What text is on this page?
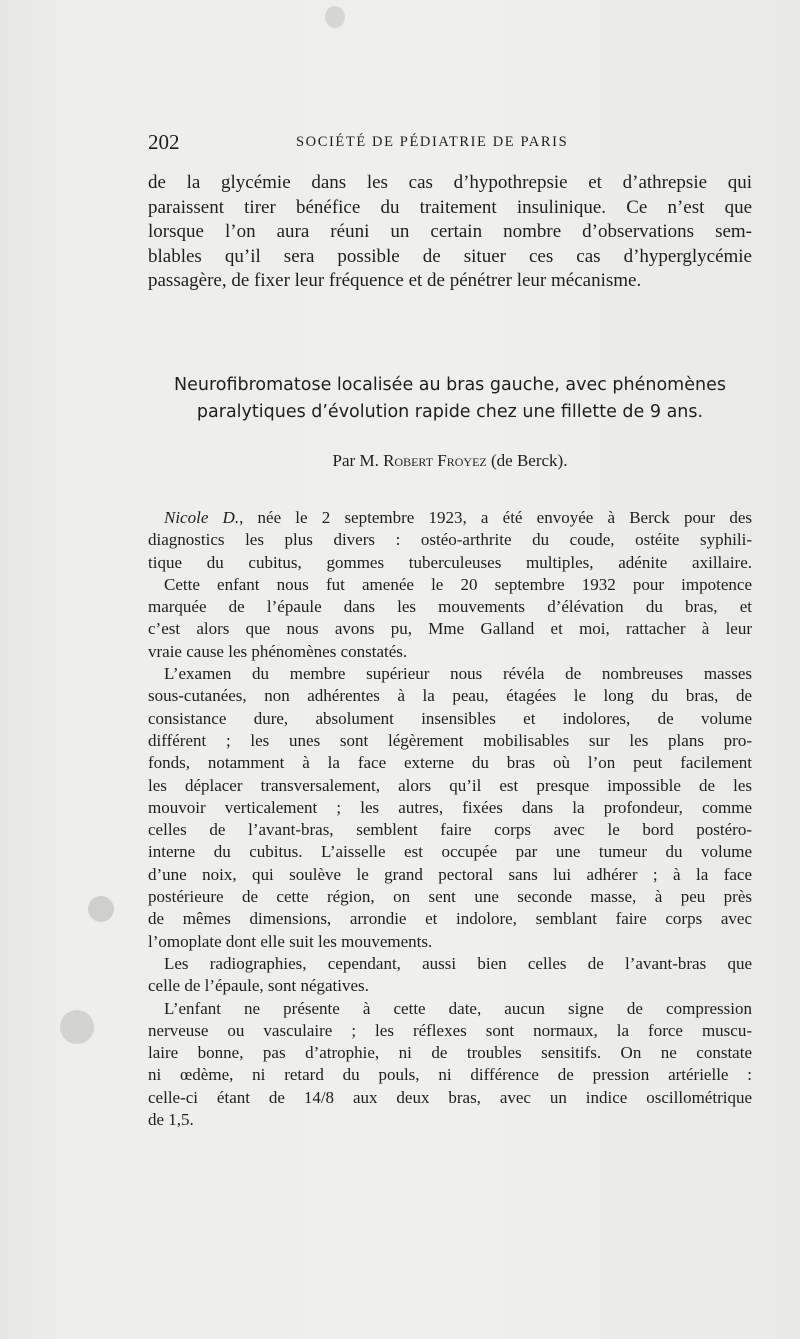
202	SOCIÉTÉ DE PÉDIATRIE DE PARIS
de la glycémie dans les cas d’hypothrepsie et d’athrepsie qui
paraissent tirer bénéfice du traitement insulinique. Ce n’est que
lorsque l’on aura réuni un certain nombre d’observations sem-
blables qu’il sera possible de situer ces cas d’hyperglycémie
passagère, de fixer leur fréquence et de pénétrer leur mécanisme.
Neurofibromatose localisée au bras gauche, avec phénomènes
paralytiques d’évolution rapide chez une fillette de 9 ans.
Par M. Robert Froyez (de Berck).
Nicole D., née le 2 septembre 1923, a été envoyée à Berck pour des
diagnostics les plus divers : ostéo-arthrite du coude, ostéite syphili-
tique du cubitus, gommes tuberculeuses multiples, adénite axillaire.
Cette enfant nous fut amenée le 20 septembre 1932 pour impotence
marquée de l’épaule dans les mouvements d’élévation du bras, et
c’est alors que nous avons pu, Mme Galland et moi, rattacher à leur
vraie cause les phénomènes constatés.
L’examen du membre supérieur nous révéla de nombreuses masses
sous-cutanées, non adhérentes à la peau, étagées le long du bras, de
consistance dure, absolument insensibles et indolores, de volume
différent ; les unes sont légèrement mobilisables sur les plans pro-
fonds, notamment à la face externe du bras où l’on peut facilement
les déplacer transversalement, alors qu’il est presque impossible de les
mouvoir verticalement ; les autres, fixées dans la profondeur, comme
celles de l’avant-bras, semblent faire corps avec le bord postéro-
interne du cubitus. L’aisselle est occupée par une tumeur du volume
d’une noix, qui soulève le grand pectoral sans lui adhérer ; à la face
postérieure de cette région, on sent une seconde masse, à peu près
de mêmes dimensions, arrondie et indolore, semblant faire corps avec
l’omoplate dont elle suit les mouvements.
Les radiographies, cependant, aussi bien celles de l’avant-bras que
celle de l’épaule, sont négatives.
L’enfant ne présente à cette date, aucun signe de compression
nerveuse ou vasculaire ; les réflexes sont normaux, la force muscu-
laire bonne, pas d’atrophie, ni de troubles sensitifs. On ne constate
ni œdème, ni retard du pouls, ni différence de pression artérielle :
celle-ci étant de 14/8 aux deux bras, avec un indice oscillométrique
de 1,5.
